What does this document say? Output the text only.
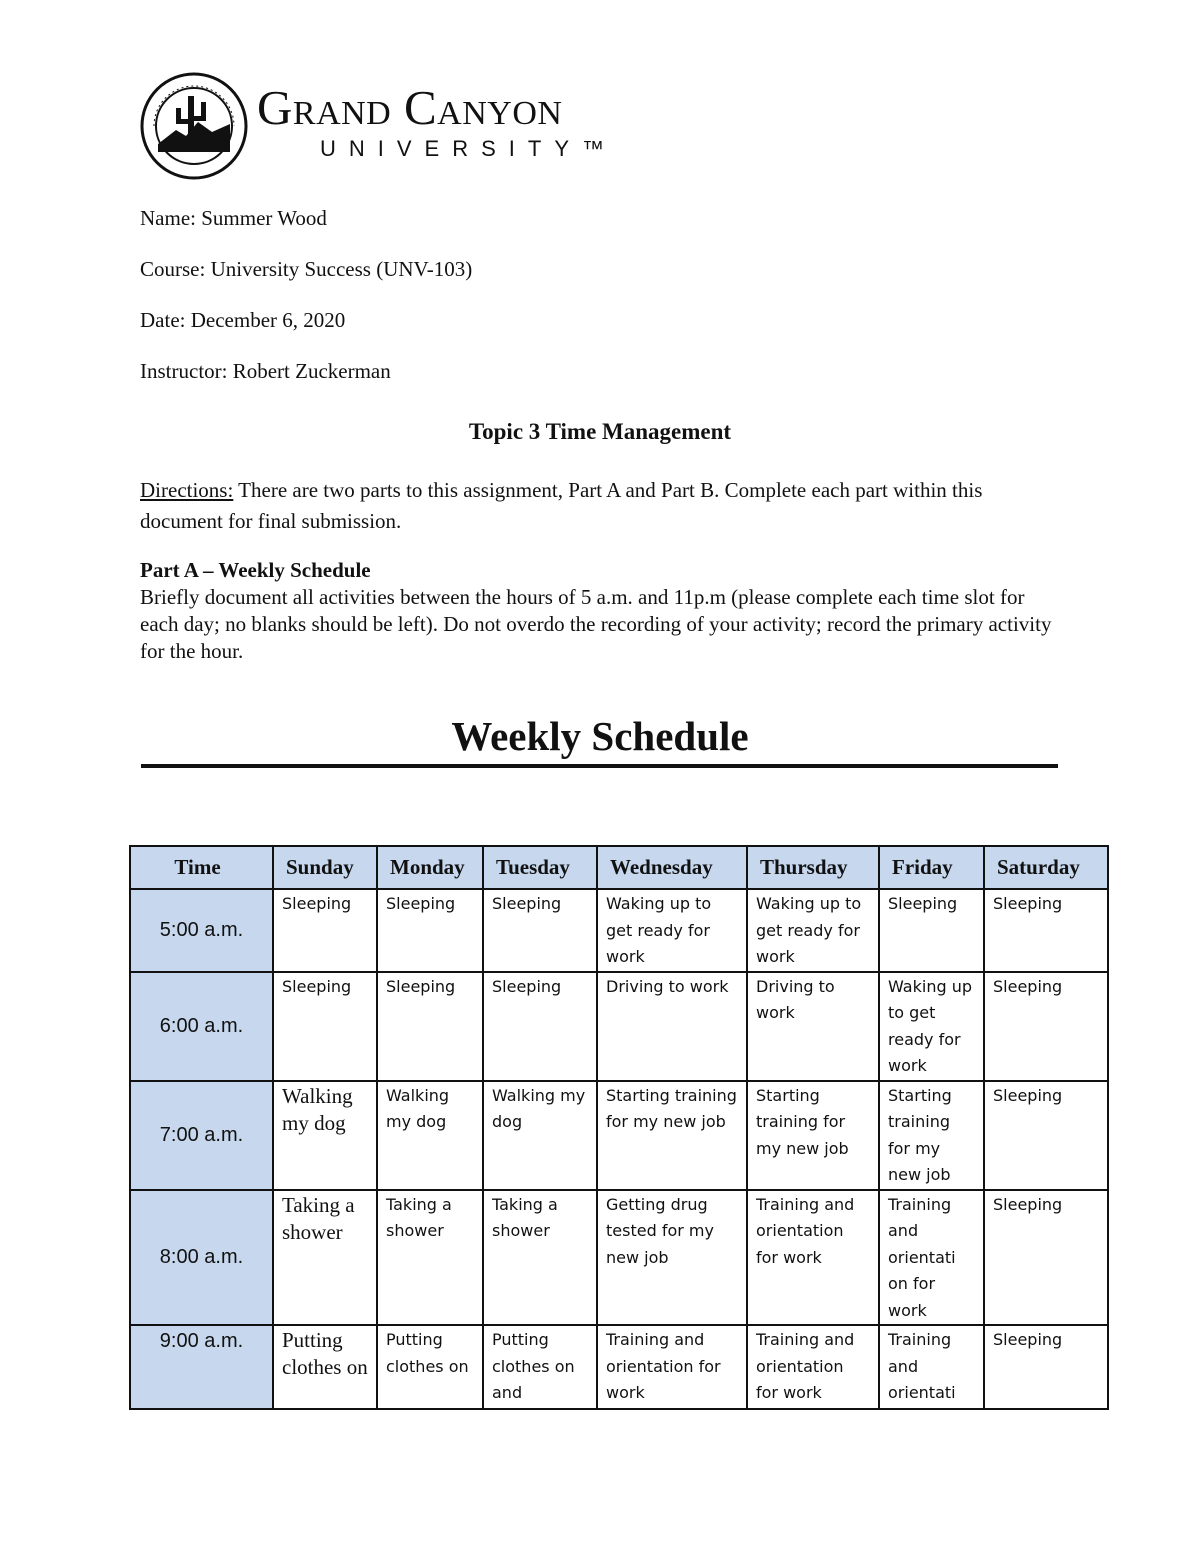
Grand Canyon
UNIVERSITY™
Name: Summer Wood
Course: University Success (UNV-103)
Date: December 6, 2020
Instructor: Robert Zuckerman
Topic 3 Time Management
Directions: There are two parts to this assignment, Part A and Part B. Complete each part within this document for final submission.
Part A – Weekly Schedule
Briefly document all activities between the hours of 5 a.m. and 11p.m (please complete each time slot for each day; no blanks should be left). Do not overdo the recording of your activity; record the primary activity for the hour.
Weekly Schedule
Time	Sunday	Monday	Tuesday	Wednesday	Thursday	Friday	Saturday
5:00 a.m.	Sleeping	Sleeping	Sleeping	Waking up to get ready for work	Waking up to get ready for work	Sleeping	Sleeping
6:00 a.m.	Sleeping	Sleeping	Sleeping	Driving to work	Driving to work	Waking up to get ready for work	Sleeping
7:00 a.m.	Walking my dog	Walking my dog	Walking my dog	Starting training for my new job	Starting training for my new job	Starting training for my new job	Sleeping
8:00 a.m.	Taking a shower	Taking a shower	Taking a shower	Getting drug tested for my new job	Training and orientation for work	Training and orientati on for work	Sleeping
9:00 a.m.	Putting clothes on	Putting clothes on	Putting clothes on and	Training and orientation for work	Training and orientation for work	Training and orientati	Sleeping
